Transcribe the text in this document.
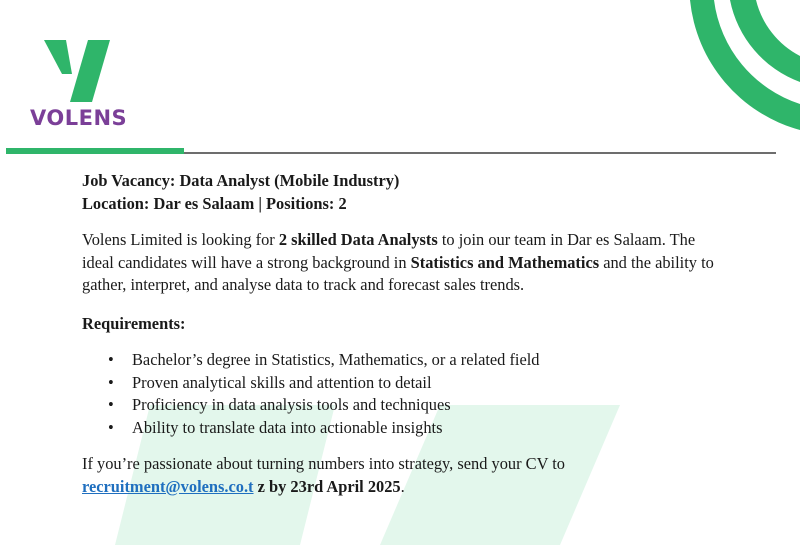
VOLENS

Job Vacancy: Data Analyst (Mobile Industry)

Location: Dar es Salaam | Positions: 2

Volens Limited is looking for 2 skilled Data Analysts to join our team in Dar es Salaam. The ideal candidates will have a strong background in Statistics and Mathematics and the ability to gather, interpret, and analyse data to track and forecast sales trends.

Requirements:

• Bachelor’s degree in Statistics, Mathematics, or a related field
• Proven analytical skills and attention to detail
• Proficiency in data analysis tools and techniques
• Ability to translate data into actionable insights

If you’re passionate about turning numbers into strategy, send your CV to recruitment@volens.co.t z by 23rd April 2025.
